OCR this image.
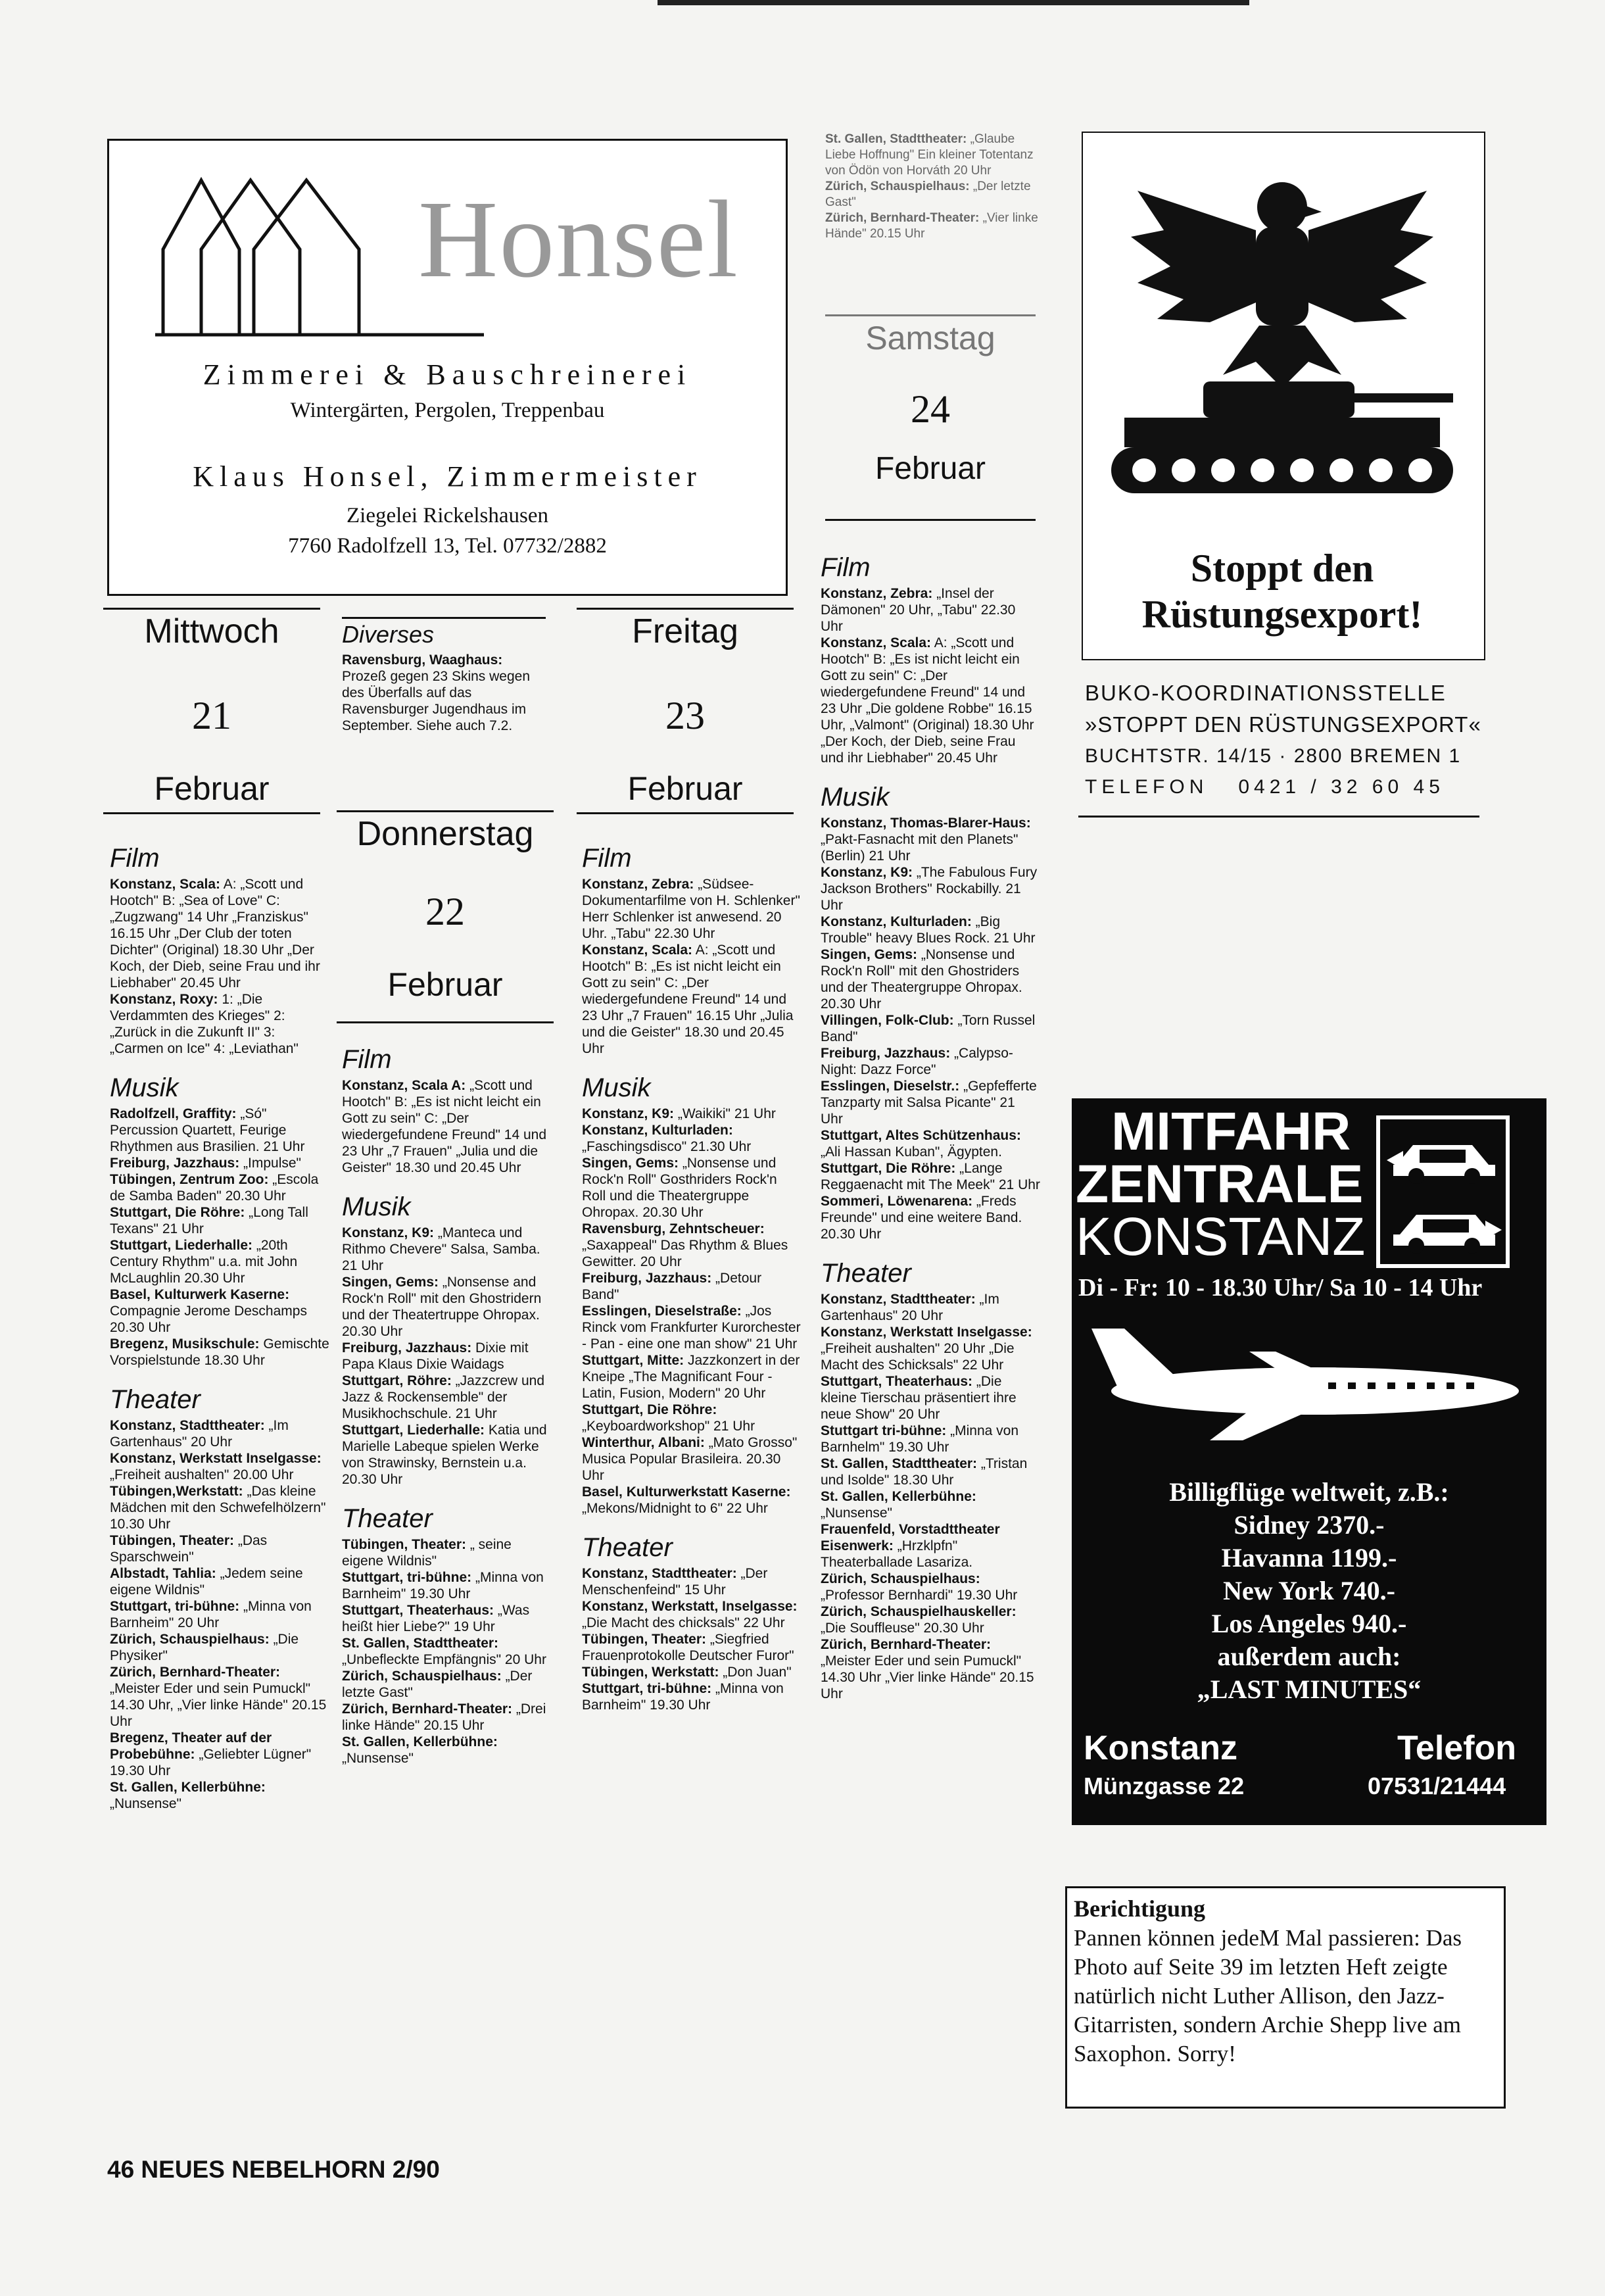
Honsel
Zimmerei & Bauschreinerei
Wintergärten, Pergolen, Treppenbau
Klaus Honsel, Zimmermeister
Ziegelei Rickelshausen
7760 Radolfzell 13, Tel. 07732/2882

St. Gallen, Stadttheater: „Glaube Liebe Hoffnung" Ein kleiner Totentanz von Ödön von Horváth 20 Uhr

Zürich, Schauspielhaus: „Der letzte Gast"

Zürich, Bernhard-Theater: „Vier linke Hände" 20.15 Uhr

Samstag
24
Februar
Mittwoch
21
Februar
Film

Konstanz, Scala: A: „Scott und Hootch" B: „Sea of Love" C: „Zugzwang" 14 Uhr „Franziskus" 16.15 Uhr „Der Club der toten Dichter" (Original) 18.30 Uhr „Der Koch, der Dieb, seine Frau und ihr Liebhaber" 20.45 Uhr

Konstanz, Roxy: 1: „Die Verdammten des Krieges" 2: „Zurück in die Zukunft II" 3: „Carmen on Ice" 4: „Leviathan"

Musik

Radolfzell, Graffity: „Só" Percussion Quartett, Feurige Rhythmen aus Brasilien. 21 Uhr

Freiburg, Jazzhaus: „Impulse"

Tübingen, Zentrum Zoo: „Escola de Samba Baden" 20.30 Uhr

Stuttgart, Die Röhre: „Long Tall Texans" 21 Uhr

Stuttgart, Liederhalle: „20th Century Rhythm" u.a. mit John McLaughlin 20.30 Uhr

Basel, Kulturwerk Kaserne: Compagnie Jerome Deschamps 20.30 Uhr

Bregenz, Musikschule: Gemischte Vorspielstunde 18.30 Uhr

Theater

Konstanz, Stadttheater: „Im Gartenhaus" 20 Uhr

Konstanz, Werkstatt Inselgasse: „Freiheit aushalten" 20.00 Uhr

Tübingen,Werkstatt: „Das kleine Mädchen mit den Schwefelhölzern" 10.30 Uhr

Tübingen, Theater: „Das Sparschwein"

Albstadt, Tahlia: „Jedem seine eigene Wildnis"

Stuttgart, tri-bühne: „Minna von Barnheim" 20 Uhr

Zürich, Schauspielhaus: „Die Physiker"

Zürich, Bernhard-Theater: „Meister Eder und sein Pumuckl" 14.30 Uhr, „Vier linke Hände" 20.15 Uhr

Bregenz, Theater auf der Probebühne: „Geliebter Lügner" 19.30 Uhr

St. Gallen, Kellerbühne: „Nunsense"

Diverses

Ravensburg, Waaghaus: Prozeß gegen 23 Skins wegen des Überfalls auf das Ravensburger Jugendhaus im September. Siehe auch 7.2.

Donnerstag
22
Februar
Film

Konstanz, Scala A: „Scott und Hootch" B: „Es ist nicht leicht ein Gott zu sein" C: „Der wiedergefundene Freund" 14 und 23 Uhr „7 Frauen" „Julia und die Geister" 18.30 und 20.45 Uhr

Musik

Konstanz, K9: „Manteca und Rithmo Chevere" Salsa, Samba. 21 Uhr

Singen, Gems: „Nonsense and Rock'n Roll" mit den Ghostridern und der Theatertruppe Ohropax. 20.30 Uhr

Freiburg, Jazzhaus: Dixie mit Papa Klaus Dixie Waidags

Stuttgart, Röhre: „Jazzcrew und Jazz & Rockensemble" der Musikhochschule. 21 Uhr

Stuttgart, Liederhalle: Katia und Marielle Labeque spielen Werke von Strawinsky, Bernstein u.a. 20.30 Uhr

Theater

Tübingen, Theater: „ seine eigene Wildnis"

Stuttgart, tri-bühne: „Minna von Barnheim" 19.30 Uhr

Stuttgart, Theaterhaus: „Was heißt hier Liebe?" 19 Uhr

St. Gallen, Stadttheater: „Unbefleckte Empfängnis" 20 Uhr

Zürich, Schauspielhaus: „Der letzte Gast"

Zürich, Bernhard-Theater: „Drei linke Hände" 20.15 Uhr

St. Gallen, Kellerbühne: „Nunsense"

Freitag
23
Februar
Film

Konstanz, Zebra: „Südsee-Dokumentarfilme von H. Schlenker" Herr Schlenker ist anwesend. 20 Uhr. „Tabu" 22.30 Uhr

Konstanz, Scala: A: „Scott und Hootch" B: „Es ist nicht leicht ein Gott zu sein" C: „Der wiedergefundene Freund" 14 und 23 Uhr „7 Frauen" 16.15 Uhr „Julia und die Geister" 18.30 und 20.45 Uhr

Musik

Konstanz, K9: „Waikiki" 21 Uhr

Konstanz, Kulturladen: „Faschingsdisco" 21.30 Uhr

Singen, Gems: „Nonsense und Rock'n Roll" Gosthriders Rock'n Roll und die Theatergruppe Ohropax. 20.30 Uhr

Ravensburg, Zehntscheuer: „Saxappeal" Das Rhythm & Blues Gewitter. 20 Uhr

Freiburg, Jazzhaus: „Detour Band"

Esslingen, Dieselstraße: „Jos Rinck vom Frankfurter Kurorchester - Pan - eine one man show" 21 Uhr

Stuttgart, Mitte: Jazzkonzert in der Kneipe „The Magnificant Four - Latin, Fusion, Modern" 20 Uhr

Stuttgart, Die Röhre: „Keyboardworkshop" 21 Uhr

Winterthur, Albani: „Mato Grosso" Musica Popular Brasileira. 20.30 Uhr

Basel, Kulturwerkstatt Kaserne: „Mekons/Midnight to 6" 22 Uhr

Theater

Konstanz, Stadttheater: „Der Menschenfeind" 15 Uhr

Konstanz, Werkstatt, Inselgasse: „Die Macht des chicksals" 22 Uhr

Tübingen, Theater: „Siegfried Frauenprotokolle Deutscher Furor"

Tübingen, Werkstatt: „Don Juan"

Stuttgart, tri-bühne: „Minna von Barnheim" 19.30 Uhr

Film

Konstanz, Zebra: „Insel der Dämonen" 20 Uhr, „Tabu" 22.30 Uhr

Konstanz, Scala: A: „Scott und Hootch" B: „Es ist nicht leicht ein Gott zu sein" C: „Der wiedergefundene Freund" 14 und 23 Uhr „Die goldene Robbe" 16.15 Uhr, „Valmont" (Original) 18.30 Uhr „Der Koch, der Dieb, seine Frau und ihr Liebhaber" 20.45 Uhr

Musik

Konstanz, Thomas-Blarer-Haus: „Pakt-Fasnacht mit den Planets" (Berlin) 21 Uhr

Konstanz, K9: „The Fabulous Fury Jackson Brothers" Rockabilly. 21 Uhr

Konstanz, Kulturladen: „Big Trouble" heavy Blues Rock. 21 Uhr

Singen, Gems: „Nonsense und Rock'n Roll" mit den Ghostriders und der Theatergruppe Ohropax. 20.30 Uhr

Villingen, Folk-Club: „Torn Russel Band"

Freiburg, Jazzhaus: „Calypso-Night: Dazz Force"

Esslingen, Dieselstr.: „Gepfefferte Tanzparty mit Salsa Picante" 21 Uhr

Stuttgart, Altes Schützenhaus: „Ali Hassan Kuban", Ägypten.

Stuttgart, Die Röhre: „Lange Reggaenacht mit The Meek" 21 Uhr

Sommeri, Löwenarena: „Freds Freunde" und eine weitere Band. 20.30 Uhr

Theater

Konstanz, Stadttheater: „Im Gartenhaus" 20 Uhr

Konstanz, Werkstatt Inselgasse: „Freiheit aushalten" 20 Uhr „Die Macht des Schicksals" 22 Uhr

Stuttgart, Theaterhaus: „Die kleine Tierschau präsentiert ihre neue Show" 20 Uhr

Stuttgart tri-bühne: „Minna von Barnhelm" 19.30 Uhr

St. Gallen, Stadttheater: „Tristan und Isolde" 18.30 Uhr

St. Gallen, Kellerbühne: „Nunsense"

Frauenfeld, Vorstadttheater Eisenwerk: „Hrzklpfn" Theaterballade Lasariza.

Zürich, Schauspielhaus: „Professor Bernhardi" 19.30 Uhr

Zürich, Schauspielhauskeller: „Die Souffleuse" 20.30 Uhr

Zürich, Bernhard-Theater: „Meister Eder und sein Pumuckl" 14.30 Uhr „Vier linke Hände" 20.15 Uhr

Stoppt den
Rüstungsexport!
BUKO-KOORDINATIONSSTELLE
»STOPPT DEN RÜSTUNGSEXPORT«
BUCHTSTR. 14/15 · 2800 BREMEN 1
TELEFON   0421 / 32 60 45
MITFAHR
ZENTRALE
KONSTANZ
Di - Fr: 10 - 18.30 Uhr/ Sa 10 - 14 Uhr
Billigflüge weltweit, z.B.:
Sidney 2370.-
Havanna 1199.-
New York 740.-
Los Angeles 940.-
außerdem auch:
„LAST MINUTES“
Konstanz
Münzgasse 22
Telefon
07531/21444
Berichtigung
Pannen können jedeM Mal passieren: Das Photo auf Seite 39 im letzten Heft zeigte natürlich nicht Luther Allison, den Jazz-Gitarristen, sondern Archie Shepp live am Saxophon. Sorry!
46 NEUES NEBELHORN 2/90
